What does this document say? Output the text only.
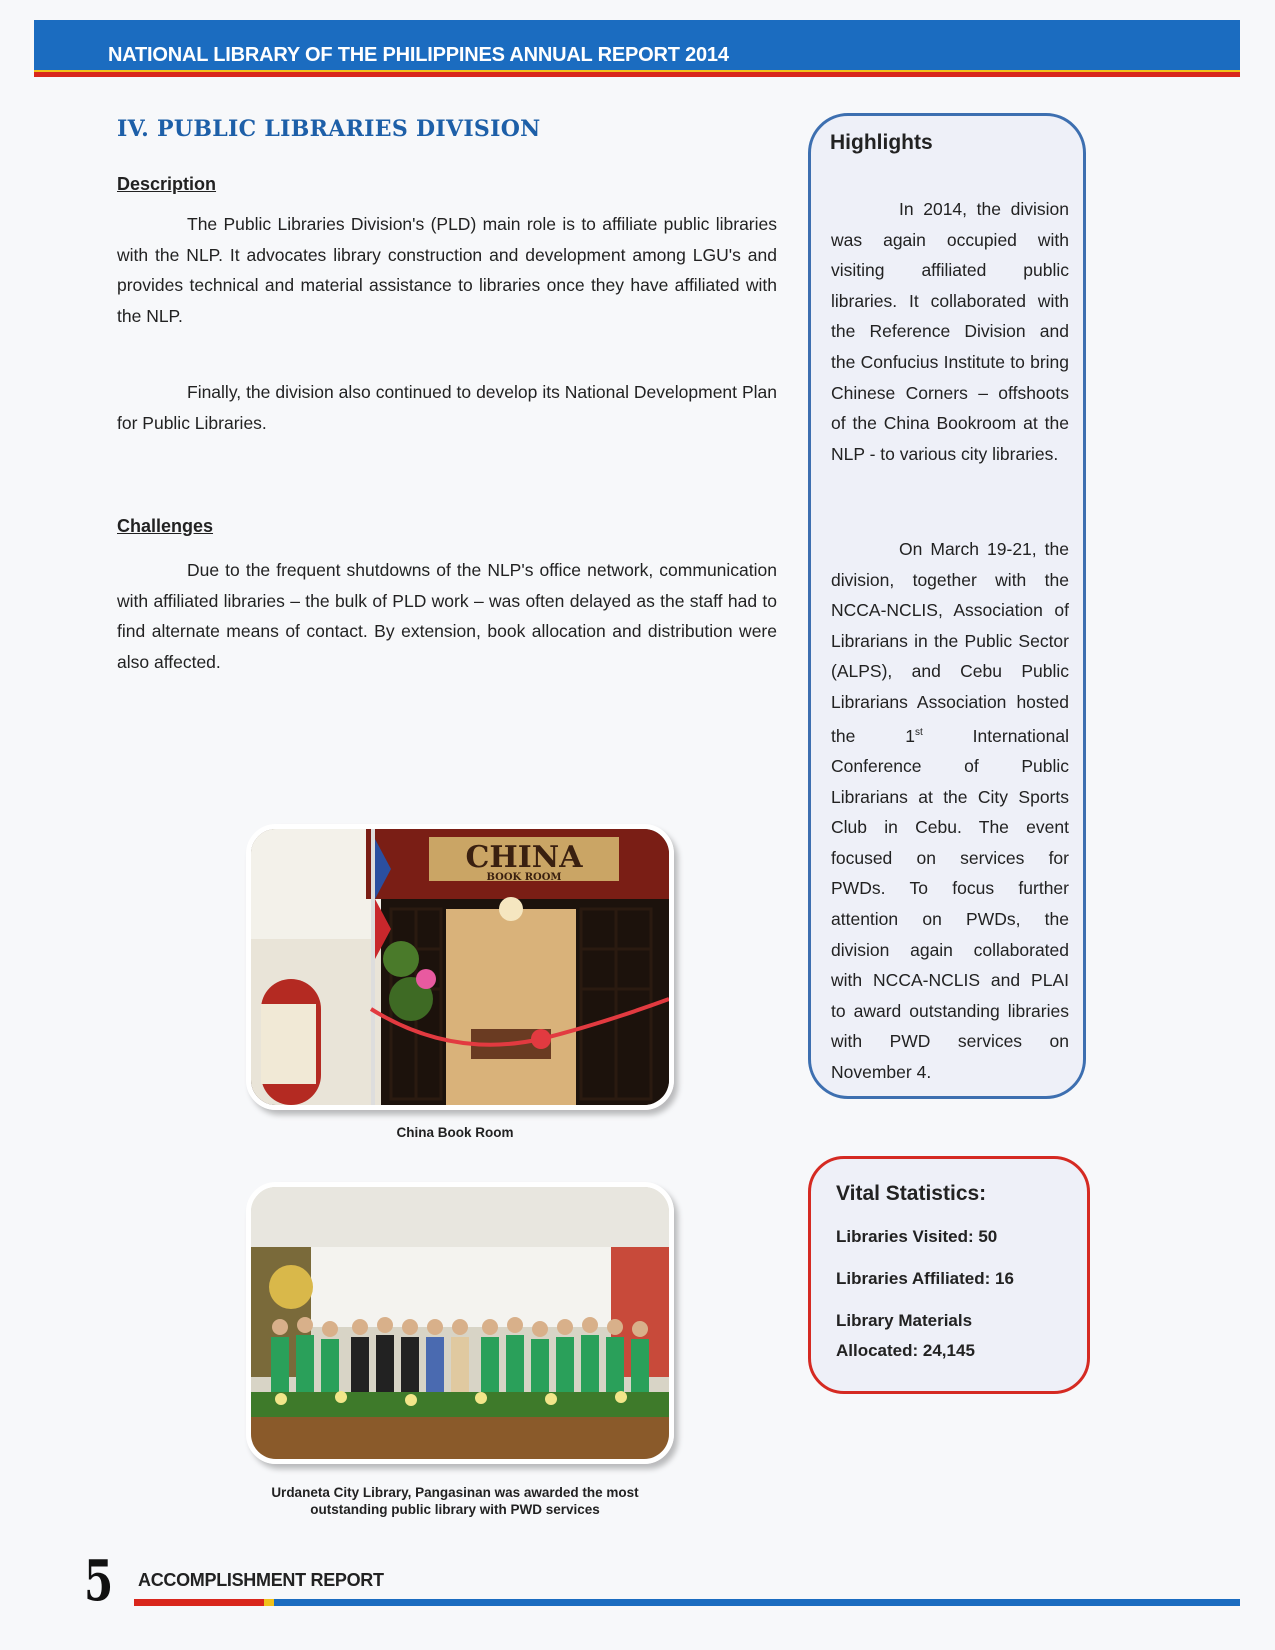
NATIONAL LIBRARY OF THE PHILIPPINES ANNUAL REPORT 2014
IV. PUBLIC LIBRARIES DIVISION
Description

The Public Libraries Division's (PLD) main role is to affiliate public libraries with the NLP. It advocates library construction and development among LGU's and provides technical and material assistance to libraries once they have affiliated with the NLP.

Finally, the division also continued to develop its National Development Plan for Public Libraries.

Challenges

Due to the frequent shutdowns of the NLP's office network, communication with affiliated libraries – the bulk of PLD work – was often delayed as the staff had to find alternate means of contact. By extension, book allocation and distribution were also affected.

CHINA
BOOK ROOM
China Book Room
Urdaneta City Library, Pangasinan was awarded the most outstanding public library with PWD services
Highlights

In 2014, the division was again occupied with visiting affiliated public libraries. It collaborated with the Reference Division and the Confucius Institute to bring Chinese Corners – offshoots of the China Bookroom at the NLP - to various city libraries.

On March 19-21, the division, together with the NCCA-NCLIS, Association of Librarians in the Public Sector (ALPS), and Cebu Public Librarians Association hosted the 1st International Conference of Public Librarians at the City Sports Club in Cebu. The event focused on services for PWDs. To focus further attention on PWDs, the division again collaborated with NCCA-NCLIS and PLAI to award outstanding libraries with PWD services on November 4.

Vital Statistics:
Libraries Visited: 50
Libraries Affiliated: 16
Library Materials
Allocated: 24,145
5 ACCOMPLISHMENT REPORT
